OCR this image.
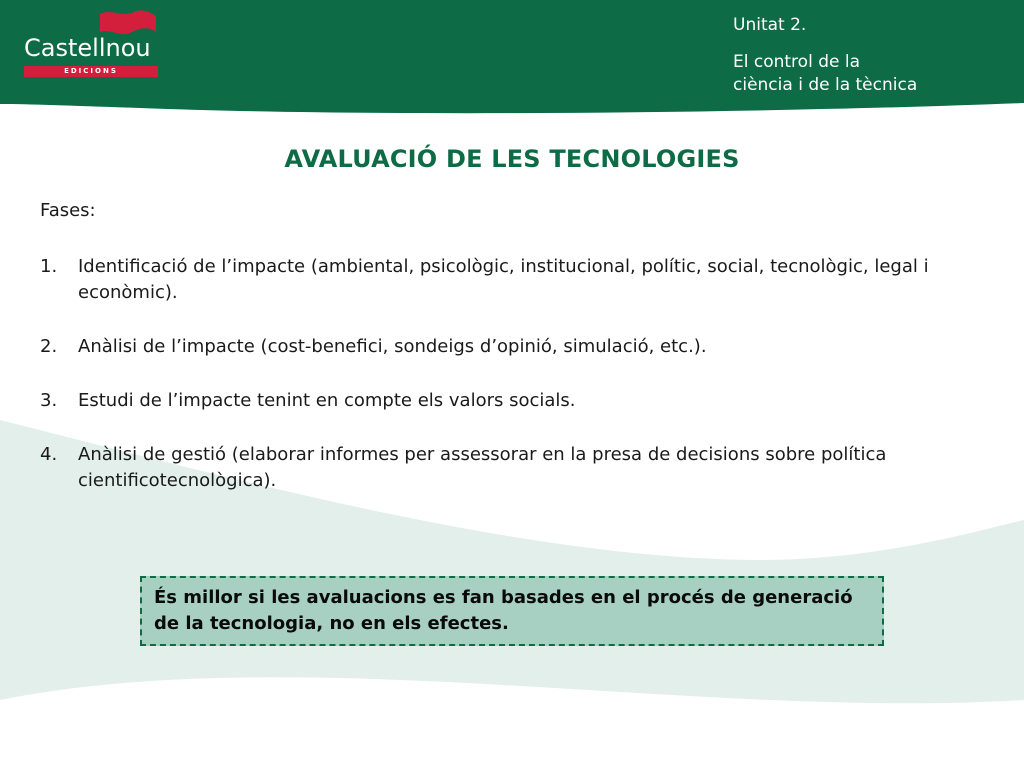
Castellnou
EDICIONS
Unitat 2.
El control de la
ciència i de la tècnica
AVALUACIÓ DE LES TECNOLOGIES
Fases:
1. Identificació de l’impacte (ambiental, psicològic, institucional, polític, social, tecnològic, legal i econòmic).
2. Anàlisi de l’impacte (cost-benefici, sondeigs d’opinió, simulació, etc.).
3. Estudi de l’impacte tenint en compte els valors socials.
4. Anàlisi de gestió (elaborar informes per assessorar en la presa de decisions sobre política cientificotecnològica).
És millor si les avaluacions es fan basades en el procés de generació de la tecnologia, no en els efectes.
